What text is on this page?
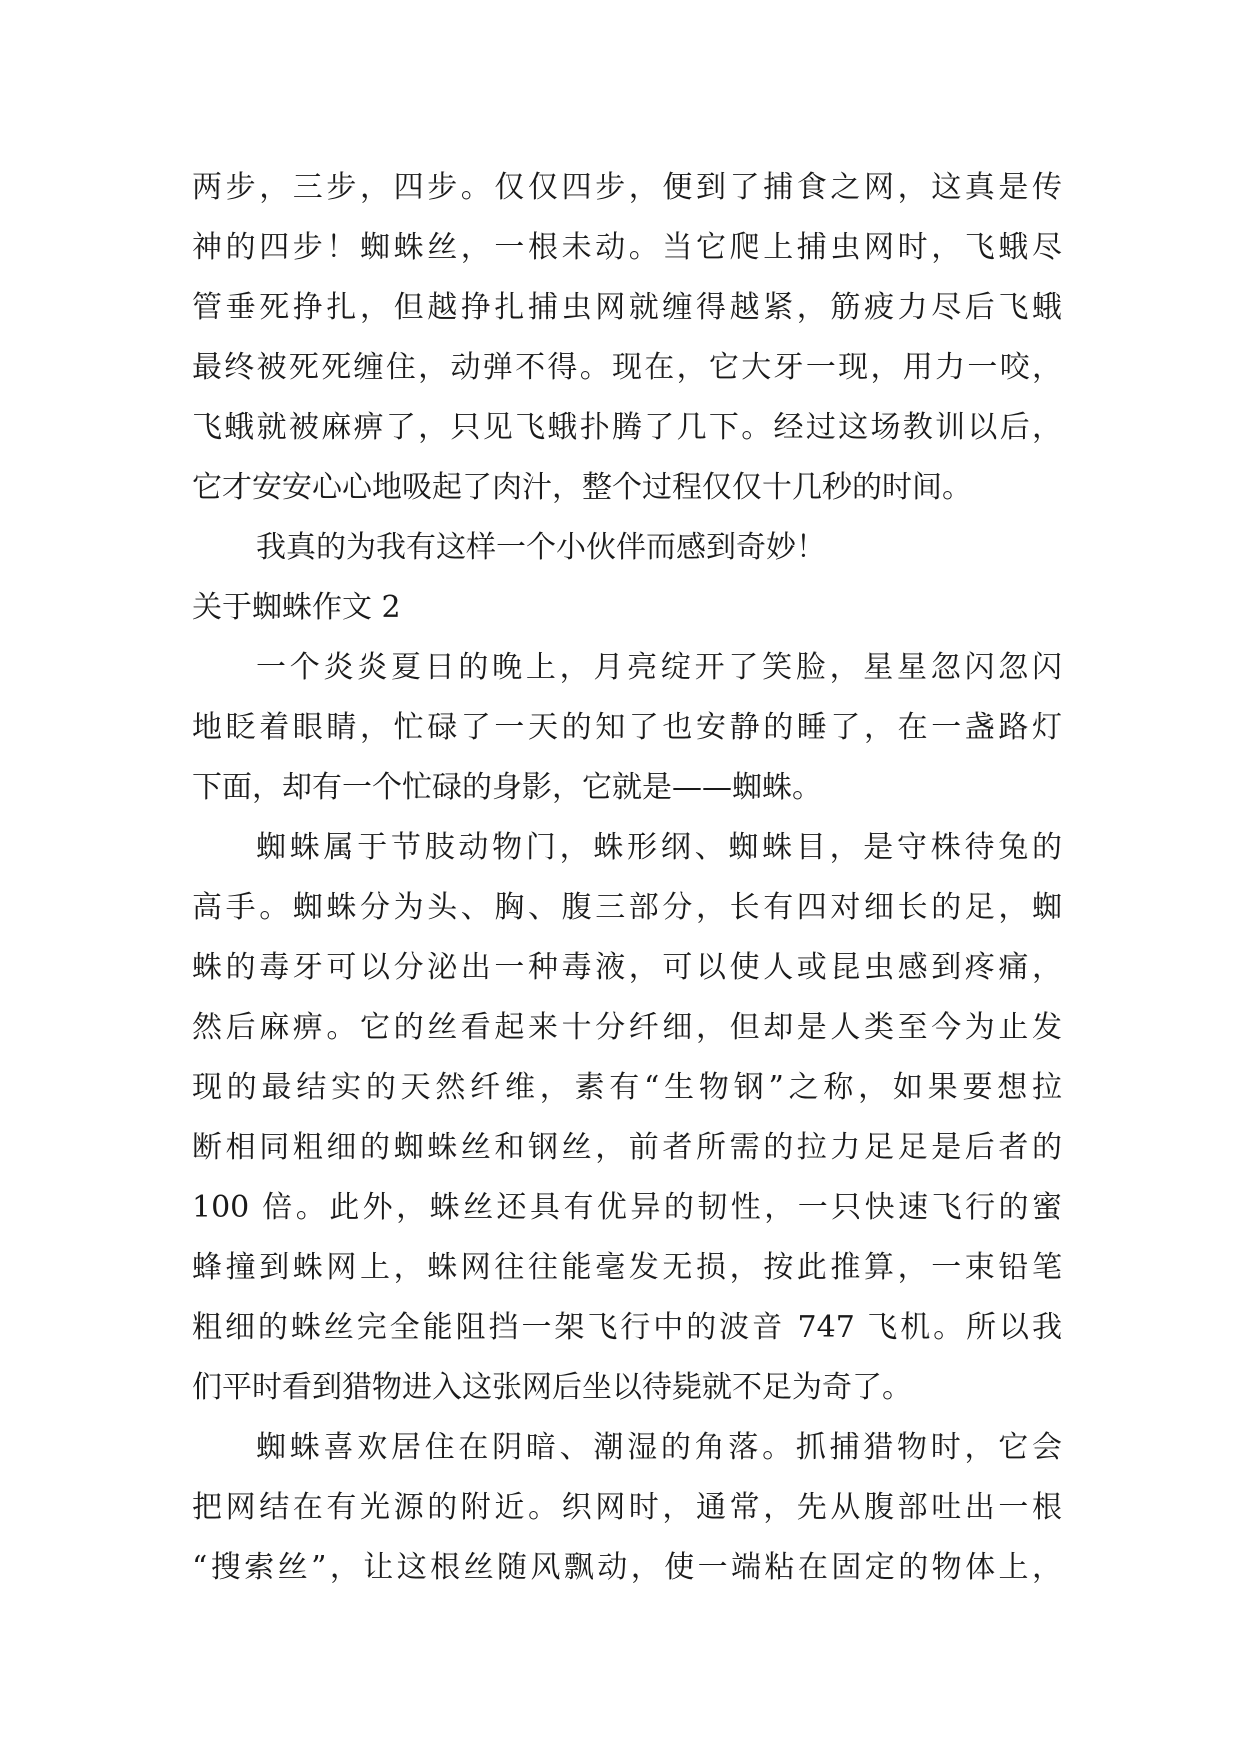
两步，三步，四步。仅仅四步，便到了捕食之网，这真是传
神的四步！蜘蛛丝，一根未动。当它爬上捕虫网时，飞蛾尽
管垂死挣扎，但越挣扎捕虫网就缠得越紧，筋疲力尽后飞蛾
最终被死死缠住，动弹不得。现在，它大牙一现，用力一咬，
飞蛾就被麻痹了，只见飞蛾扑腾了几下。经过这场教训以后，
它才安安心心地吸起了肉汁，整个过程仅仅十几秒的时间。
我真的为我有这样一个小伙伴而感到奇妙！
关于蜘蛛作文 2
一个炎炎夏日的晚上，月亮绽开了笑脸，星星忽闪忽闪
地眨着眼睛，忙碌了一天的知了也安静的睡了，在一盏路灯
下面，却有一个忙碌的身影，它就是——蜘蛛。
蜘蛛属于节肢动物门，蛛形纲、蜘蛛目，是守株待兔的
高手。蜘蛛分为头、胸、腹三部分，长有四对细长的足，蜘
蛛的毒牙可以分泌出一种毒液，可以使人或昆虫感到疼痛，
然后麻痹。它的丝看起来十分纤细，但却是人类至今为止发
现的最结实的天然纤维，素有“生物钢”之称，如果要想拉
断相同粗细的蜘蛛丝和钢丝，前者所需的拉力足足是后者的
100 倍。此外，蛛丝还具有优异的韧性，一只快速飞行的蜜
蜂撞到蛛网上，蛛网往往能毫发无损，按此推算，一束铅笔
粗细的蛛丝完全能阻挡一架飞行中的波音 747 飞机。所以我
们平时看到猎物进入这张网后坐以待毙就不足为奇了。
蜘蛛喜欢居住在阴暗、潮湿的角落。抓捕猎物时，它会
把网结在有光源的附近。织网时，通常，先从腹部吐出一根
“搜索丝”，让这根丝随风飘动，使一端粘在固定的物体上，
